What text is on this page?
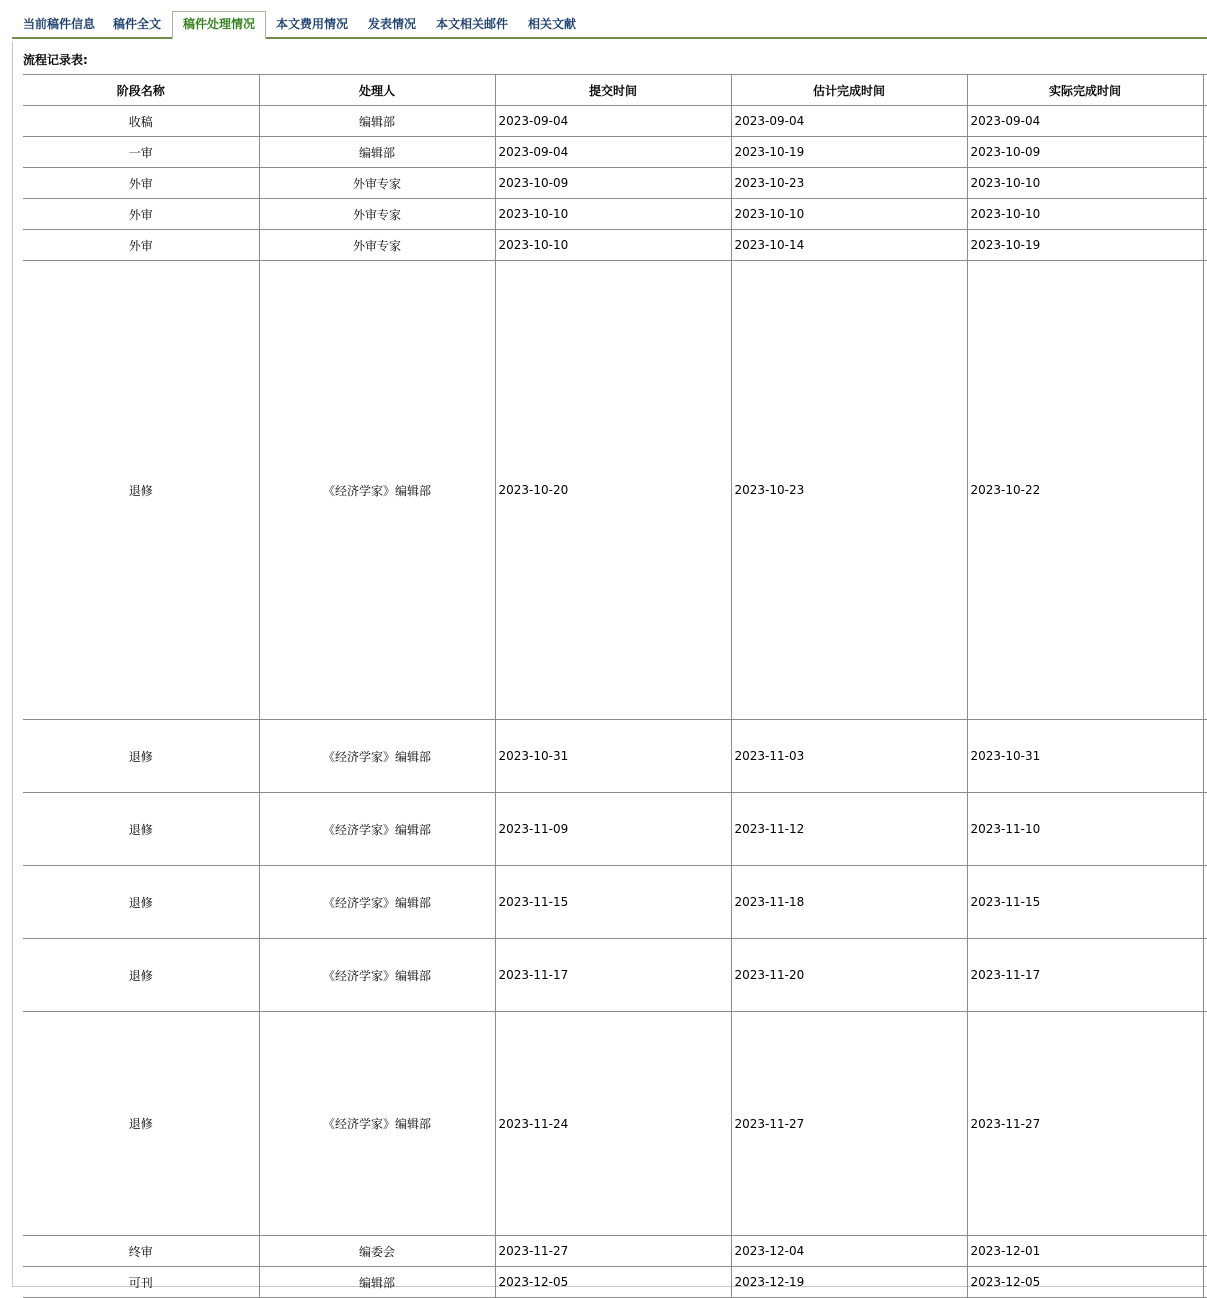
当前稿件信息 稿件全文	稿件处理情况	本文费用情况 发表情况 本文相关邮件 相关文献
流程记录表:
阶段名称	处理人	提交时间	估计完成时间	实际完成时间	
收稿	编辑部	2023-09-04	2023-09-04	2023-09-04	
一审	编辑部	2023-09-04	2023-10-19	2023-10-09	
外审	外审专家	2023-10-09	2023-10-23	2023-10-10	
外审	外审专家	2023-10-10	2023-10-10	2023-10-10	
外审	外审专家	2023-10-10	2023-10-14	2023-10-19	
退修	《经济学家》编辑部	2023-10-20	2023-10-23	2023-10-22	
退修	《经济学家》编辑部	2023-10-31	2023-11-03	2023-10-31	
退修	《经济学家》编辑部	2023-11-09	2023-11-12	2023-11-10	
退修	《经济学家》编辑部	2023-11-15	2023-11-18	2023-11-15	
退修	《经济学家》编辑部	2023-11-17	2023-11-20	2023-11-17	
退修	《经济学家》编辑部	2023-11-24	2023-11-27	2023-11-27	
终审	编委会	2023-11-27	2023-12-04	2023-12-01	
可刊	编辑部	2023-12-05	2023-12-19	2023-12-05	
